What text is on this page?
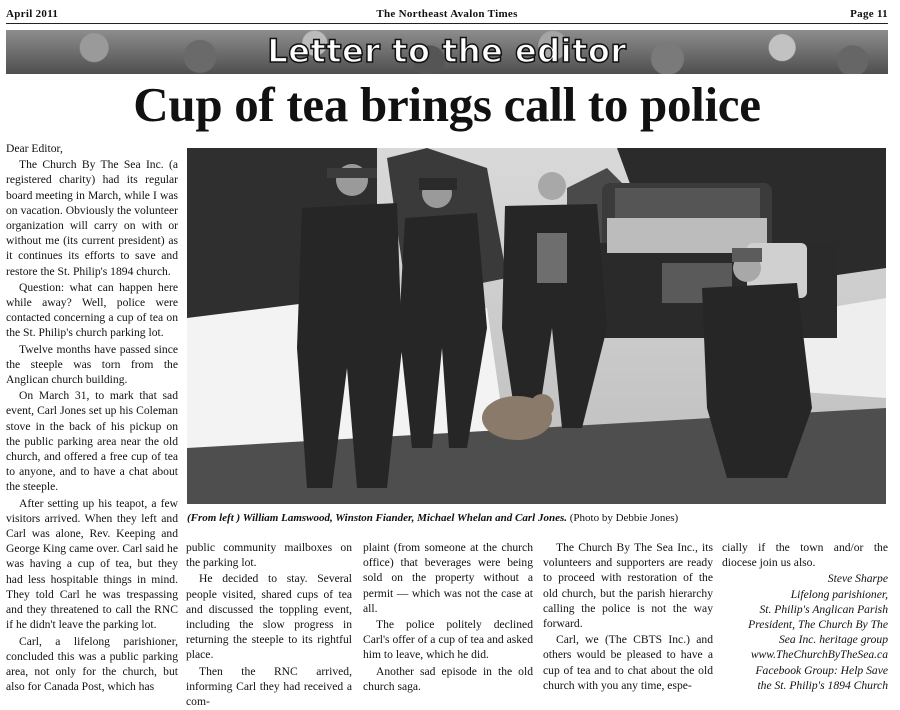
April 2011	The Northeast Avalon Times	Page 11
Letter to the editor
Cup of tea brings call to police

Dear Editor,

The Church By The Sea Inc. (a registered charity) had its regular board meeting in March, while I was on vacation. Obviously the volunteer organization will carry on with or without me (its current president) as it continues its efforts to save and restore the St. Philip's 1894 church.

Question: what can happen here while away? Well, police were contacted concerning a cup of tea on the St. Philip's church parking lot.

Twelve months have passed since the steeple was torn from the Anglican church building.

On March 31, to mark that sad event, Carl Jones set up his Coleman stove in the back of his pickup on the public parking area near the old church, and offered a free cup of tea to anyone, and to have a chat about the steeple.

After setting up his teapot, a few visitors arrived. When they left and Carl was alone, Rev. Keeping and George King came over. Carl said he was having a cup of tea, but they had less hospitable things in mind. They told Carl he was trespassing and they threatened to call the RNC if he didn't leave the parking lot.

Carl, a lifelong parishioner, concluded this was a public parking area, not only for the church, but also for Canada Post, which has

(From left ) William Lamswood, Winston Fiander, Michael Whelan and Carl Jones. (Photo by Debbie Jones)

public community mailboxes on the parking lot.

He decided to stay. Several people visited, shared cups of tea and discussed the toppling event, including the slow progress in returning the steeple to its rightful place.

Then the RNC arrived, informing Carl they had received a com-

plaint (from someone at the church office) that beverages were being sold on the property without a permit — which was not the case at all.

The police politely declined Carl's offer of a cup of tea and asked him to leave, which he did.

Another sad episode in the old church saga.

The Church By The Sea Inc., its volunteers and supporters are ready to proceed with restoration of the old church, but the parish hierarchy calling the police is not the way forward.

Carl, we (The CBTS Inc.) and others would be pleased to have a cup of tea and to chat about the old church with you any time, espe-

cially if the town and/or the diocese join us also.

Steve Sharpe
Lifelong parishioner,
St. Philip's Anglican Parish
President, The Church By The
Sea Inc. heritage group
www.TheChurchByTheSea.ca
Facebook Group: Help Save
the St. Philip's 1894 Church
